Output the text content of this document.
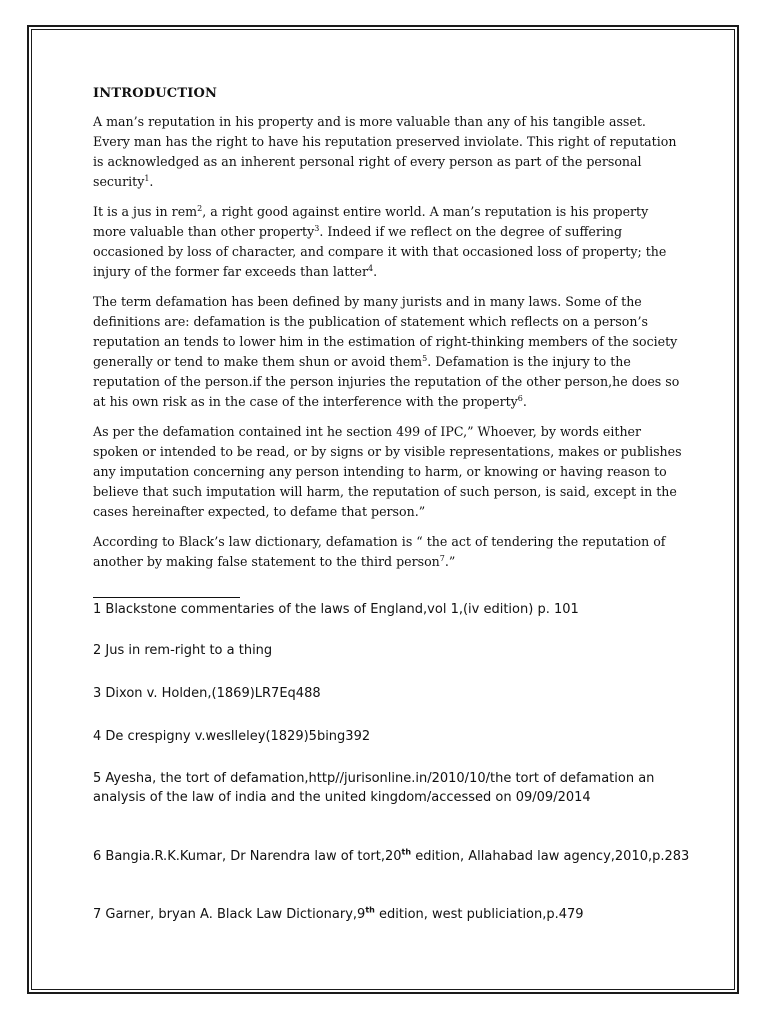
INTRODUCTION

A man’s reputation in his property and is more valuable than any of his tangible asset. Every man has the right to have his reputation preserved inviolate. This right of reputation is acknowledged as an inherent personal right of every person as part of the personal security$^1$.

It is a jus in rem$^2$, a right good against entire world. A man’s reputation is his property more valuable than other property$^3$. Indeed if we reflect on the degree of suffering occasioned by loss of character, and compare it with that occasioned loss of property; the injury of the former far exceeds than latter$^4$.

The term defamation has been defined by many jurists and in many laws. Some of the definitions are: defamation is the publication of statement which reflects on a person’s reputation an tends to lower him in the estimation of right-thinking members of the society generally or tend to make them shun or avoid them$^5$. Defamation is the injury to the reputation of the person.if the person injuries the reputation of the other person,he does so at his own risk as in the case of the interference with the property$^6$.

As per the defamation contained int he section 499 of IPC,” Whoever, by words either spoken or intended to be read, or by signs or by visible representations, makes or publishes any imputation concerning any person intending to harm, or knowing or having reason to believe that such imputation will harm, the reputation of such person, is said, except in the cases hereinafter expected, to defame that person.”

According to Black’s law dictionary, defamation is “ the act of tendering the reputation of another by making false statement to the third person$^7$.”

1 Blackstone commentaries of the laws of England,vol 1,(iv edition) p. 101
2 Jus in rem-right to a thing
3 Dixon v. Holden,(1869)LR7Eq488
4 De crespigny v.weslleley(1829)5bing392
5 Ayesha, the tort of defamation,http//jurisonline.in/2010/10/the tort of defamation an analysis of the law of india and the united kingdom/accessed on 09/09/2014
6 Bangia.R.K.Kumar, Dr Narendra law of tort,20th edition, Allahabad law agency,2010,p.283
7 Garner, bryan A. Black Law Dictionary,9th edition, west publiciation,p.479
